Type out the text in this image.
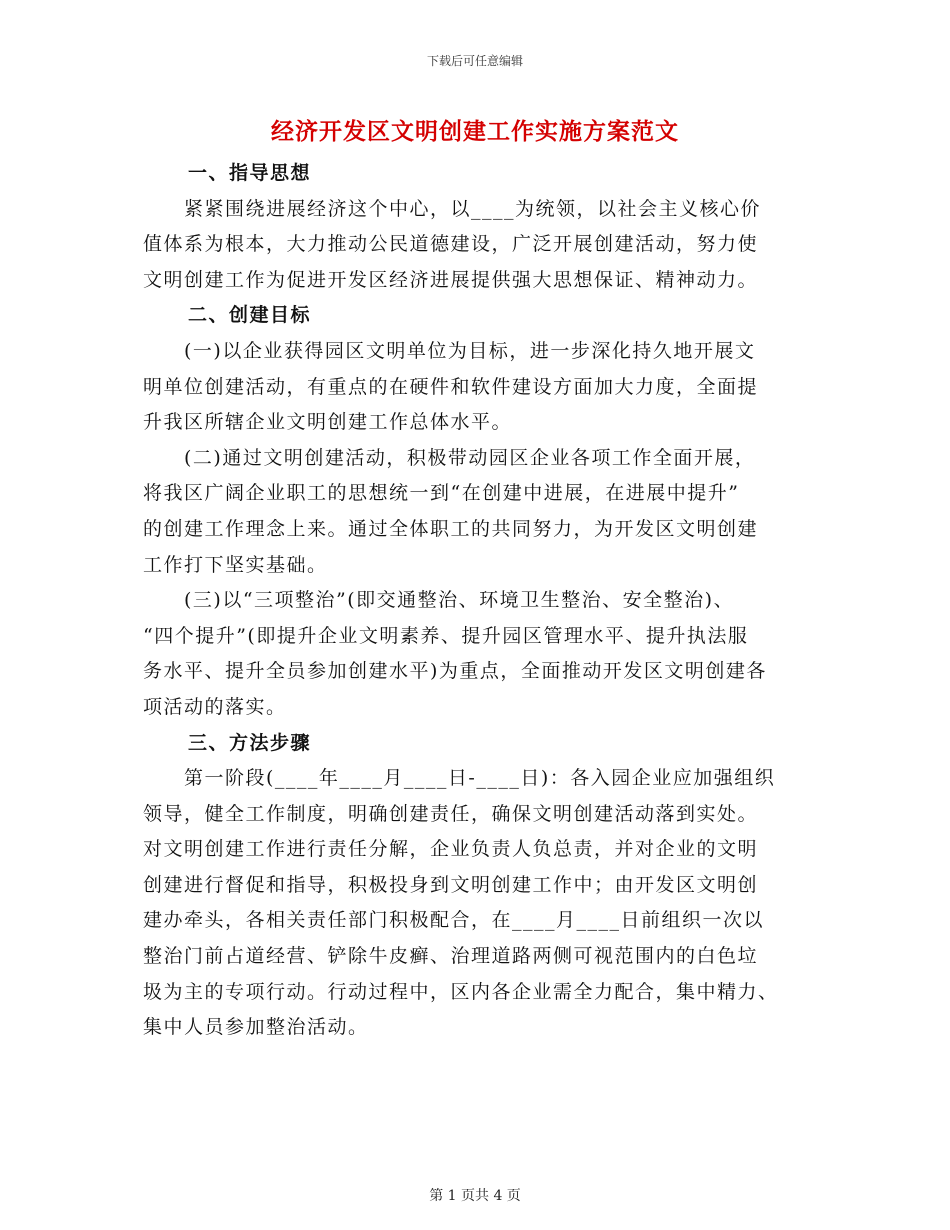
下载后可任意编辑
经济开发区文明创建工作实施方案范文
一、指导思想
　　紧紧围绕进展经济这个中心，以____为统领，以社会主义核心价
值体系为根本，大力推动公民道德建设，广泛开展创建活动，努力使
文明创建工作为促进开发区经济进展提供强大思想保证、精神动力。
二、创建目标
　　(一)以企业获得园区文明单位为目标，进一步深化持久地开展文
明单位创建活动，有重点的在硬件和软件建设方面加大力度，全面提
升我区所辖企业文明创建工作总体水平。
　　(二)通过文明创建活动，积极带动园区企业各项工作全面开展，
将我区广阔企业职工的思想统一到“在创建中进展，在进展中提升”
的创建工作理念上来。通过全体职工的共同努力，为开发区文明创建
工作打下坚实基础。
　　(三)以“三项整治”(即交通整治、环境卫生整治、安全整治)、
“四个提升”(即提升企业文明素养、提升园区管理水平、提升执法服
务水平、提升全员参加创建水平)为重点，全面推动开发区文明创建各
项活动的落实。
三、方法步骤
　　第一阶段(____年____月____日-____日)：各入园企业应加强组织
领导，健全工作制度，明确创建责任，确保文明创建活动落到实处。
对文明创建工作进行责任分解，企业负责人负总责，并对企业的文明
创建进行督促和指导，积极投身到文明创建工作中；由开发区文明创
建办牵头，各相关责任部门积极配合，在____月____日前组织一次以
整治门前占道经营、铲除牛皮癣、治理道路两侧可视范围内的白色垃
圾为主的专项行动。行动过程中，区内各企业需全力配合，集中精力、
集中人员参加整治活动。
第 1 页共 4 页
